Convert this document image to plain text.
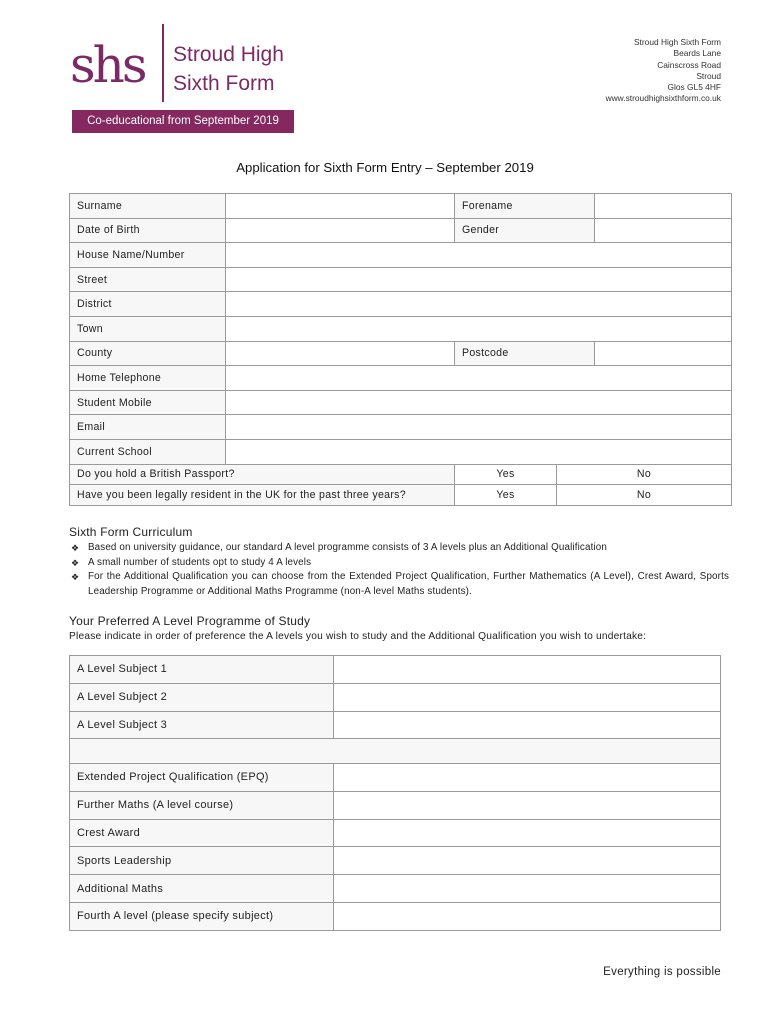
shs Stroud High
Sixth Form
Co-educational from September 2019
Stroud High Sixth Form
Beards Lane
Cainscross Road
Stroud
Glos GL5 4HF
www.stroudhighsixthform.co.uk
Application for Sixth Form Entry – September 2019
Surname		Forename		
Date of Birth		Gender		
House Name/Number				
Street				
District				
Town				
County		Postcode		
Home Telephone				
Student Mobile				
Email				
Current School				
Do you hold a British Passport?		Yes	No	
Have you been legally resident in the UK for the past three years?		Yes	No	
Sixth Form Curriculum
❖ Based on university guidance, our standard A level programme consists of 3 A levels plus an Additional Qualification
❖ A small number of students opt to study 4 A levels
❖ For the Additional Qualification you can choose from the Extended Project Qualification, Further Mathematics (A Level), Crest Award, Sports Leadership Programme or Additional Maths Programme (non-A level Maths students).
Your Preferred A Level Programme of Study
Please indicate in order of preference the A levels you wish to study and the Additional Qualification you wish to undertake:
A Level Subject 1	
A Level Subject 2	
A Level Subject 3	

Extended Project Qualification (EPQ)	
Further Maths (A level course)	
Crest Award	
Sports Leadership	
Additional Maths	
Fourth A level (please specify subject)	
Everything is possible
